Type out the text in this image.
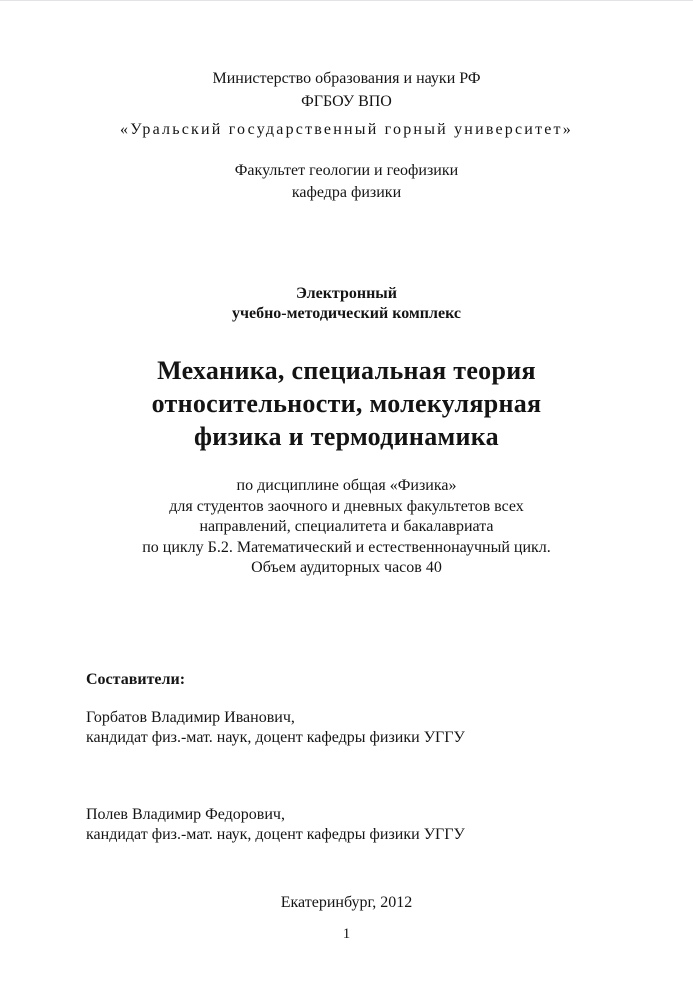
Министерство образования и науки РФ
ФГБОУ ВПО
«Уральский государственный горный университет»
Факультет геологии и геофизики
кафедра физики
Электронный
учебно-методический комплекс
Механика, специальная теория
относительности, молекулярная
физика и термодинамика
по дисциплине общая «Физика»
для студентов заочного и дневных факультетов всех
направлений, специалитета и бакалавриата
по циклу Б.2. Математический и естественнонаучный цикл.
Объем аудиторных часов 40
Составители:
Горбатов Владимир Иванович,
кандидат физ.-мат. наук, доцент кафедры физики УГГУ
Полев Владимир Федорович,
кандидат физ.-мат. наук, доцент кафедры физики УГГУ
Екатеринбург, 2012
1
